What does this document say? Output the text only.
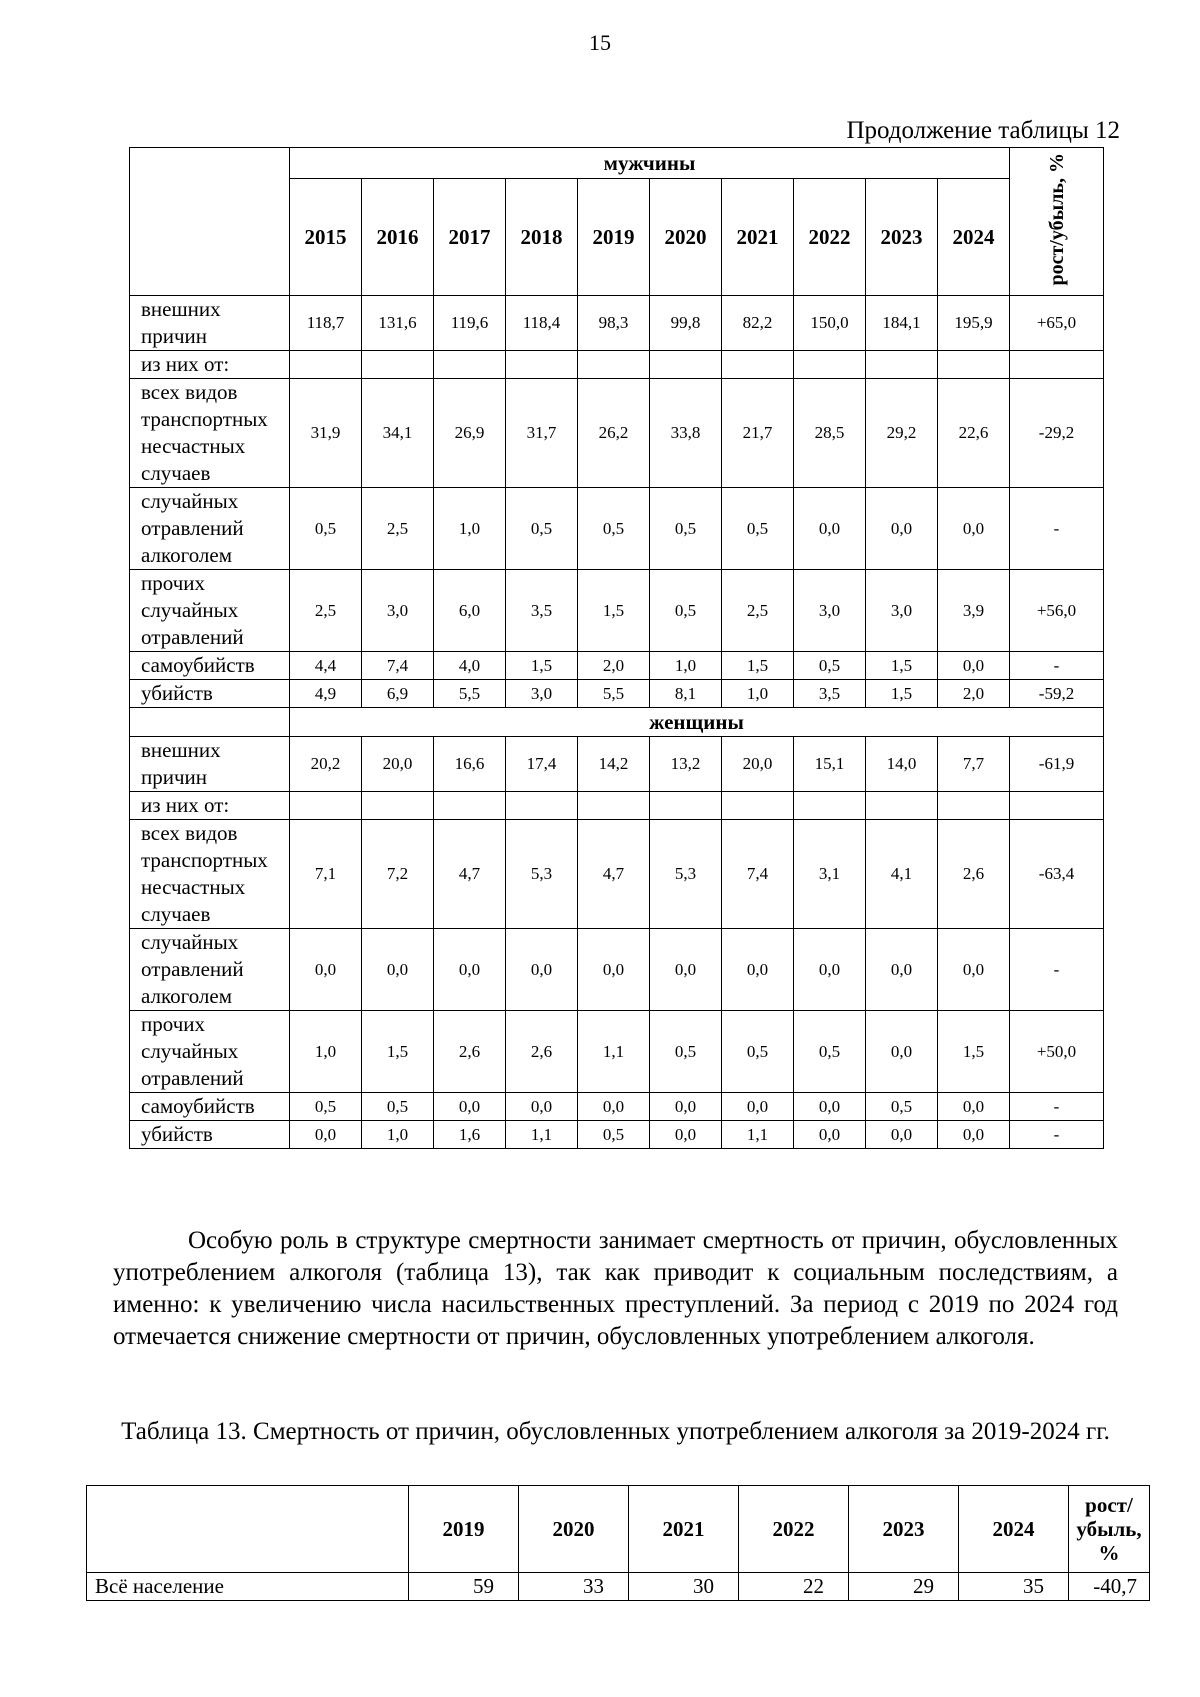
15
Продолжение таблицы 12
	мужчины										рост/убыль, %
	2015	2016	2017	2018	2019	2020	2021	2022	2023	2024	
внешних причин	118,7	131,6	119,6	118,4	98,3	99,8	82,2	150,0	184,1	195,9	+65,0
из них от:											
всех видов транспортных несчастных случаев	31,9	34,1	26,9	31,7	26,2	33,8	21,7	28,5	29,2	22,6	-29,2
случайных отравлений алкоголем	0,5	2,5	1,0	0,5	0,5	0,5	0,5	0,0	0,0	0,0	-
прочих случайных отравлений	2,5	3,0	6,0	3,5	1,5	0,5	2,5	3,0	3,0	3,9	+56,0
самоубийств	4,4	7,4	4,0	1,5	2,0	1,0	1,5	0,5	1,5	0,0	-
убийств	4,9	6,9	5,5	3,0	5,5	8,1	1,0	3,5	1,5	2,0	-59,2
	женщины										
внешних причин	20,2	20,0	16,6	17,4	14,2	13,2	20,0	15,1	14,0	7,7	-61,9
из них от:											
всех видов транспортных несчастных случаев	7,1	7,2	4,7	5,3	4,7	5,3	7,4	3,1	4,1	2,6	-63,4
случайных отравлений алкоголем	0,0	0,0	0,0	0,0	0,0	0,0	0,0	0,0	0,0	0,0	-
прочих случайных отравлений	1,0	1,5	2,6	2,6	1,1	0,5	0,5	0,5	0,0	1,5	+50,0
самоубийств	0,5	0,5	0,0	0,0	0,0	0,0	0,0	0,0	0,5	0,0	-
убийств	0,0	1,0	1,6	1,1	0,5	0,0	1,1	0,0	0,0	0,0	-
Особую роль в структуре смертности занимает смертность от причин, обусловленных употреблением алкоголя (таблица 13), так как приводит к социальным последствиям, а именно: к увеличению числа насильственных преступлений. За период с 2019 по 2024 год отмечается снижение смертности от причин, обусловленных употреблением алкоголя.
Таблица 13. Смертность от причин, обусловленных употреблением алкоголя за 2019-2024 гг.
	2019	2020	2021	2022	2023	2024	рост/ убыль, %
Всё население	59	33	30	22	29	35	-40,7
